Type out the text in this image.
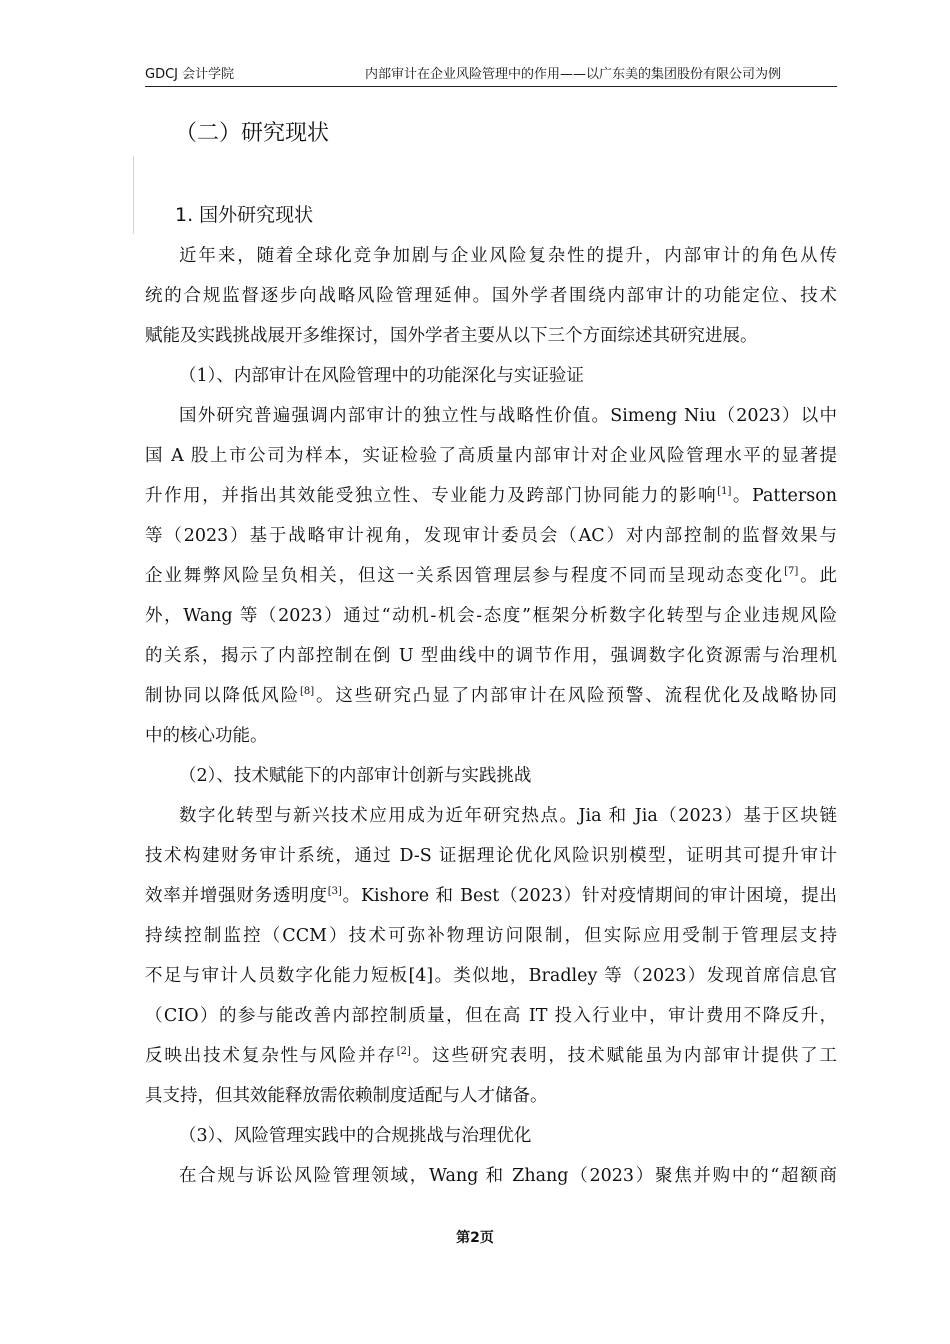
GDCJ 会计学院	内部审计在企业风险管理中的作用——以广东美的集团股份有限公司为例
（二）研究现状
1. 国外研究现状
近年来，随着全球化竞争加剧与企业风险复杂性的提升，内部审计的角色从传
统的合规监督逐步向战略风险管理延伸。国外学者围绕内部审计的功能定位、技术
赋能及实践挑战展开多维探讨，国外学者主要从以下三个方面综述其研究进展。
（1）、内部审计在风险管理中的功能深化与实证验证
国外研究普遍强调内部审计的独立性与战略性价值。Simeng Niu（2023）以中
国 A 股上市公司为样本，实证检验了高质量内部审计对企业风险管理水平的显著提
升作用，并指出其效能受独立性、专业能力及跨部门协同能力的影响[1]。Patterson
等（2023）基于战略审计视角，发现审计委员会（AC）对内部控制的监督效果与
企业舞弊风险呈负相关，但这一关系因管理层参与程度不同而呈现动态变化[7]。此
外，Wang 等（2023）通过“动机-机会-态度”框架分析数字化转型与企业违规风险
的关系，揭示了内部控制在倒 U 型曲线中的调节作用，强调数字化资源需与治理机
制协同以降低风险[8]。这些研究凸显了内部审计在风险预警、流程优化及战略协同
中的核心功能。
（2）、技术赋能下的内部审计创新与实践挑战
数字化转型与新兴技术应用成为近年研究热点。Jia 和 Jia（2023）基于区块链
技术构建财务审计系统，通过 D-S 证据理论优化风险识别模型，证明其可提升审计
效率并增强财务透明度[3]。Kishore 和 Best（2023）针对疫情期间的审计困境，提出
持续控制监控（CCM）技术可弥补物理访问限制，但实际应用受制于管理层支持
不足与审计人员数字化能力短板[4]。类似地，Bradley 等（2023）发现首席信息官
（CIO）的参与能改善内部控制质量，但在高 IT 投入行业中，审计费用不降反升，
反映出技术复杂性与风险并存[2]。这些研究表明，技术赋能虽为内部审计提供了工
具支持，但其效能释放需依赖制度适配与人才储备。
（3）、风险管理实践中的合规挑战与治理优化
在合规与诉讼风险管理领域，Wang 和 Zhang（2023）聚焦并购中的“超额商
第2页
